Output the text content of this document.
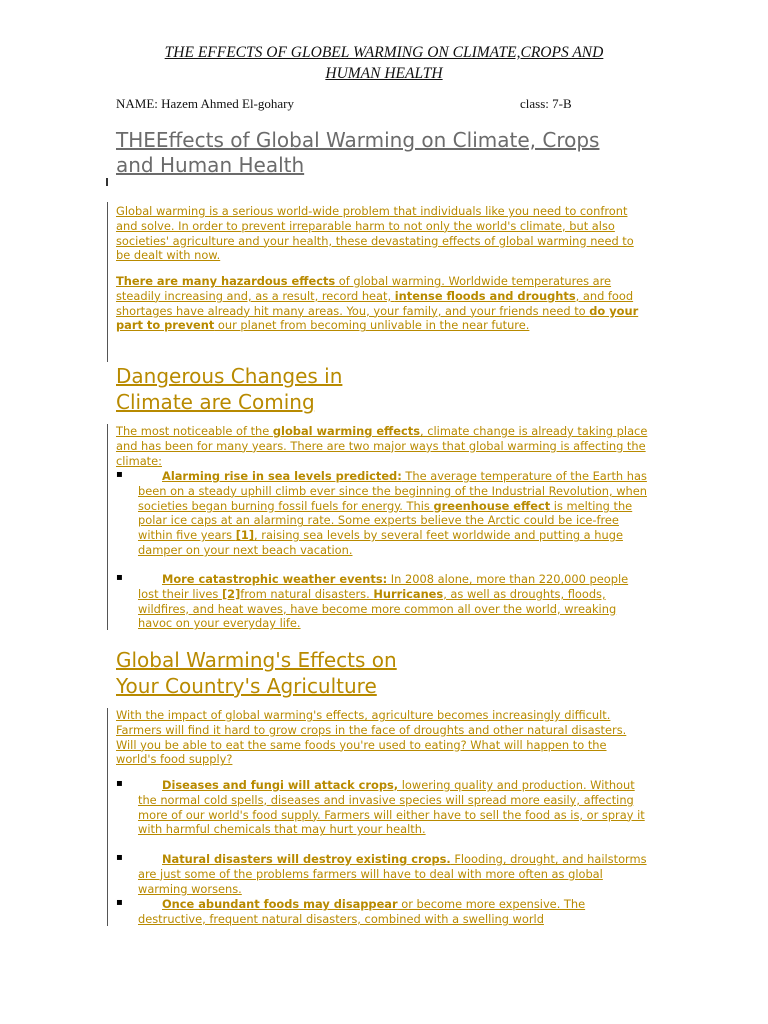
THE EFFECTS OF GLOBEL WARMING ON CLIMATE,CROPS AND
HUMAN HEALTH
NAME: Hazem Ahmed El-gohary	class: 7-B
THEEffects of Global Warming on Climate, Crops
and Human Health
Global warming is a serious world-wide problem that individuals like you need to confront and solve. In order to prevent irreparable harm to not only the world's climate, but also societies' agriculture and your health, these devastating effects of global warming need to be dealt with now.
There are many hazardous effects of global warming. Worldwide temperatures are steadily increasing and, as a result, record heat, intense floods and droughts, and food shortages have already hit many areas. You, your family, and your friends need to do your part to prevent our planet from becoming unlivable in the near future.
Dangerous Changes in
Climate are Coming
The most noticeable of the global warming effects, climate change is already taking place and has been for many years. There are two major ways that global warming is affecting the climate:
▪	Alarming rise in sea levels predicted: The average temperature of the Earth has been on a steady uphill climb ever since the beginning of the Industrial Revolution, when societies began burning fossil fuels for energy. This greenhouse effect is melting the polar ice caps at an alarming rate. Some experts believe the Arctic could be ice-free within five years [1], raising sea levels by several feet worldwide and putting a huge damper on your next beach vacation.
▪	More catastrophic weather events: In 2008 alone, more than 220,000 people lost their lives [2]from natural disasters. Hurricanes, as well as droughts, floods, wildfires, and heat waves, have become more common all over the world, wreaking havoc on your everyday life.
Global Warming's Effects on
Your Country's Agriculture
With the impact of global warming's effects, agriculture becomes increasingly difficult. Farmers will find it hard to grow crops in the face of droughts and other natural disasters. Will you be able to eat the same foods you're used to eating? What will happen to the world's food supply?
▪	Diseases and fungi will attack crops, lowering quality and production. Without the normal cold spells, diseases and invasive species will spread more easily, affecting more of our world's food supply. Farmers will either have to sell the food as is, or spray it with harmful chemicals that may hurt your health.
▪	Natural disasters will destroy existing crops. Flooding, drought, and hailstorms are just some of the problems farmers will have to deal with more often as global warming worsens.
▪	Once abundant foods may disappear or become more expensive. The destructive, frequent natural disasters, combined with a swelling world
